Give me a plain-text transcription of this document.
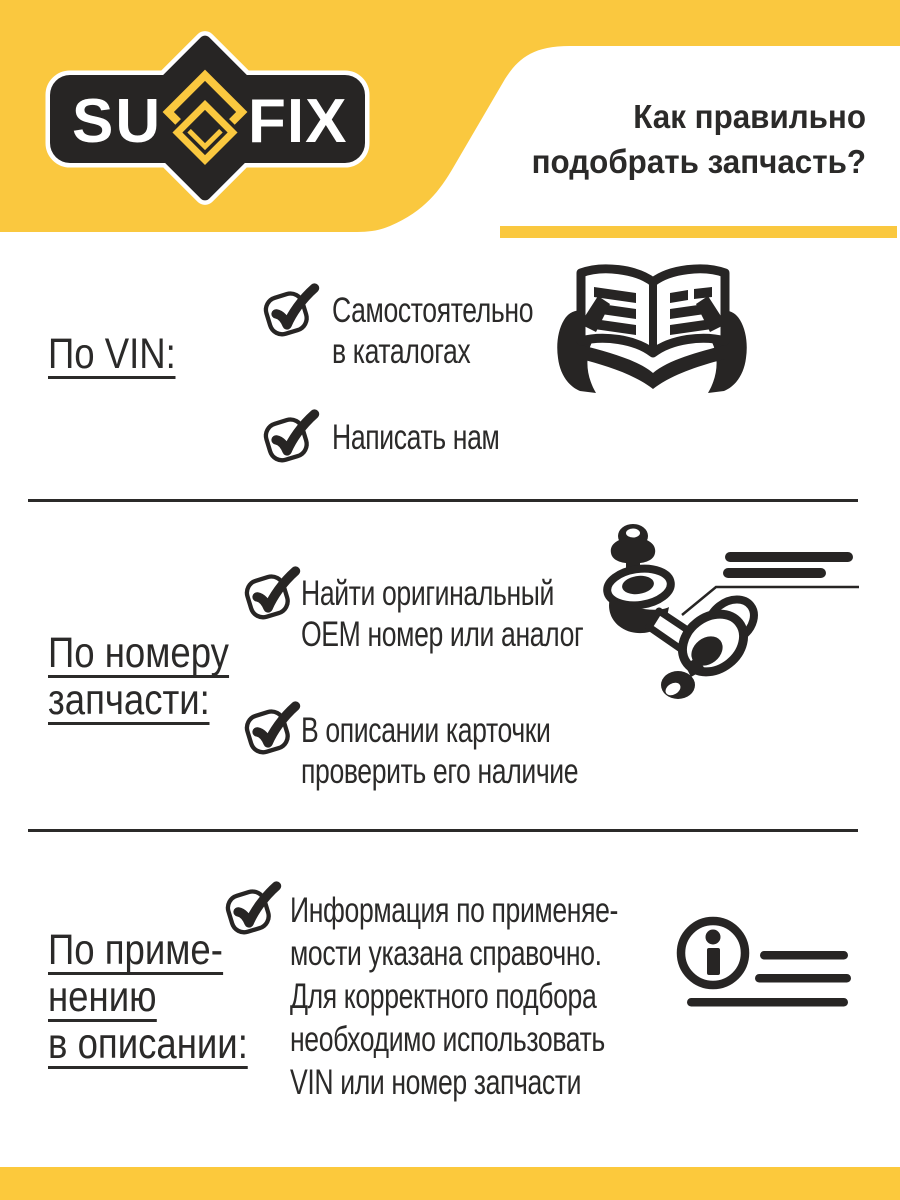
SU FIX	Как правильно
подобрать запчасть?
По VIN:
Самостоятельно
в каталогах
Написать нам
По номеру
запчасти:
Найти оригинальный
OEM номер или аналог
В описании карточки
проверить его наличие
По приме-
нению
в описании:
Информация по применяе-
мости указана справочно.
Для корректного подбора
необходимо использовать
VIN или номер запчасти
